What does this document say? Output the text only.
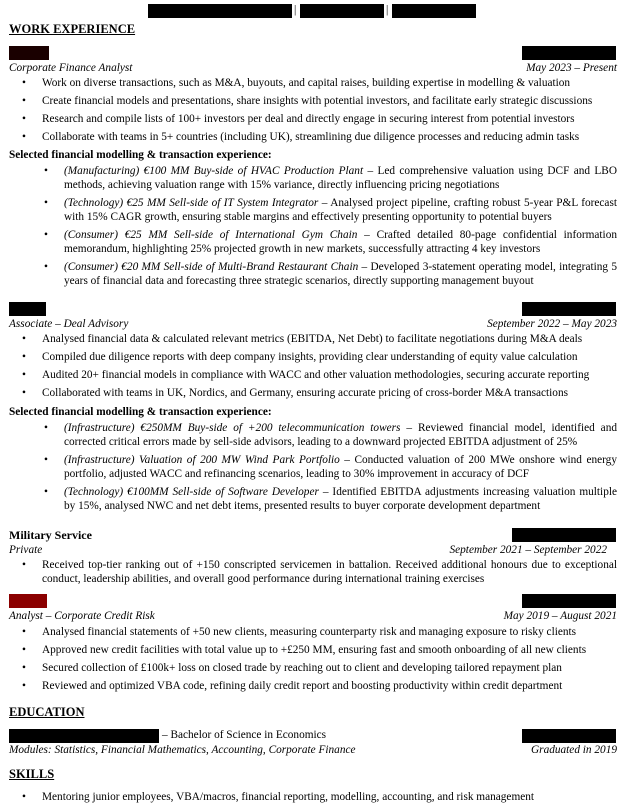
|	|
WORK EXPERIENCE
Corporate Finance Analyst	May 2023 – Present
• Work on diverse transactions, such as M&A, buyouts, and capital raises, building expertise in modelling & valuation
• Create financial models and presentations, share insights with potential investors, and facilitate early strategic discussions
• Research and compile lists of 100+ investors per deal and directly engage in securing interest from potential investors
• Collaborate with teams in 5+ countries (including UK), streamlining due diligence processes and reducing admin tasks
Selected financial modelling & transaction experience:
• (Manufacturing) €100 MM Buy-side of HVAC Production Plant – Led comprehensive valuation using DCF and LBO methods, achieving valuation range with 15% variance, directly influencing pricing negotiations
• (Technology) €25 MM Sell-side of IT System Integrator – Analysed project pipeline, crafting robust 5-year P&L forecast with 15% CAGR growth, ensuring stable margins and effectively presenting opportunity to potential buyers
• (Consumer) €25 MM Sell-side of International Gym Chain – Crafted detailed 80-page confidential information memorandum, highlighting 25% projected growth in new markets, successfully attracting 4 key investors
• (Consumer) €20 MM Sell-side of Multi-Brand Restaurant Chain – Developed 3-statement operating model, integrating 5 years of financial data and forecasting three strategic scenarios, directly supporting management buyout
Associate – Deal Advisory	September 2022 – May 2023
• Analysed financial data & calculated relevant metrics (EBITDA, Net Debt) to facilitate negotiations during M&A deals
• Compiled due diligence reports with deep company insights, providing clear understanding of equity value calculation
• Audited 20+ financial models in compliance with WACC and other valuation methodologies, securing accurate reporting
• Collaborated with teams in UK, Nordics, and Germany, ensuring accurate pricing of cross-border M&A transactions
Selected financial modelling & transaction experience:
• (Infrastructure) €250MM Buy-side of +200 telecommunication towers – Reviewed financial model, identified and corrected critical errors made by sell-side advisors, leading to a downward projected EBITDA adjustment of 25%
• (Infrastructure) Valuation of 200 MW Wind Park Portfolio – Conducted valuation of 200 MWe onshore wind energy portfolio, adjusted WACC and refinancing scenarios, leading to 30% improvement in accuracy of DCF
• (Technology) €100MM Sell-side of Software Developer – Identified EBITDA adjustments increasing valuation multiple by 15%, analysed NWC and net debt items, presented results to buyer corporate development department
Military Service
Private	September 2021 – September 2022
• Received top-tier ranking out of +150 conscripted servicemen in battalion. Received additional honours due to exceptional conduct, leadership abilities, and overall good performance during international training exercises
Analyst – Corporate Credit Risk	May 2019 – August 2021
• Analysed financial statements of +50 new clients, measuring counterparty risk and managing exposure to risky clients
• Approved new credit facilities with total value up to +£250 MM, ensuring fast and smooth onboarding of all new clients
• Secured collection of £100k+ loss on closed trade by reaching out to client and developing tailored repayment plan
• Reviewed and optimized VBA code, refining daily credit report and boosting productivity within credit department
EDUCATION
– Bachelor of Science in Economics
Modules: Statistics, Financial Mathematics, Accounting, Corporate Finance	Graduated in 2019
SKILLS
• Mentoring junior employees, VBA/macros, financial reporting, modelling, accounting, and risk management
